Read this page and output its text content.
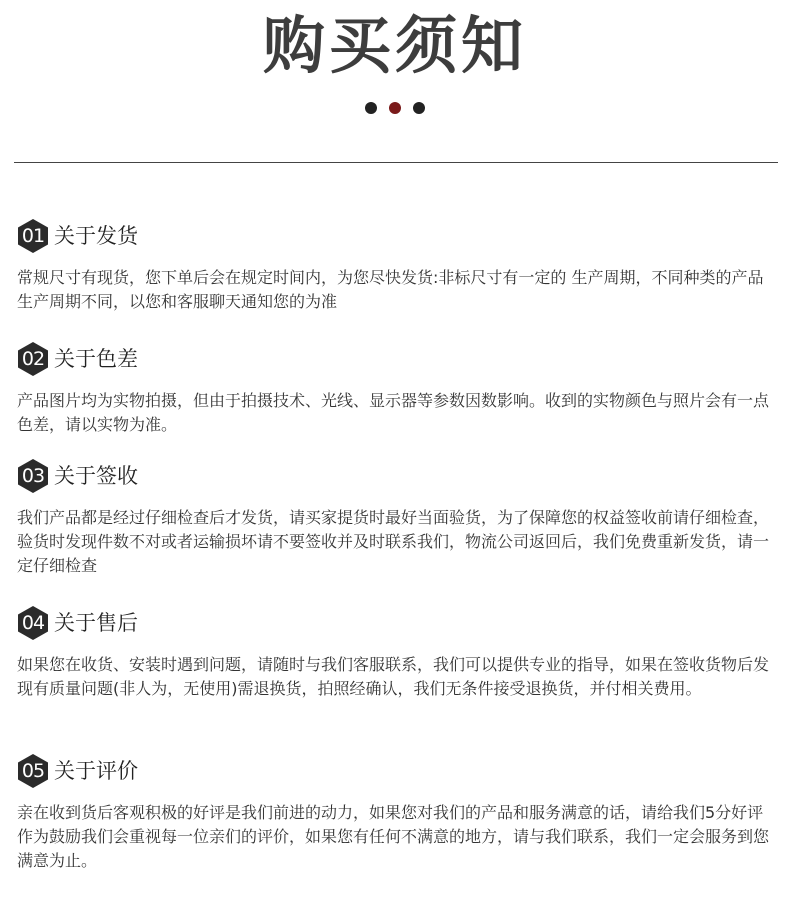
购买须知
01 关于发货
常规尺寸有现货，您下单后会在规定时间内，为您尽快发货:非标尺寸有一定的 生产周期，不同种类的产品生产周期不同，以您和客服聊天通知您的为准
02 关于色差
产品图片均为实物拍摄，但由于拍摄技术、光线、显示器等参数因数影响。收到的实物颜色与照片会有一点色差，请以实物为准。
03 关于签收
我们产品都是经过仔细检查后才发货，请买家提货时最好当面验货，为了保障您的权益签收前请仔细检查，验货时发现件数不对或者运输损坏请不要签收并及时联系我们，物流公司返回后，我们免费重新发货，请一定仔细检查
04 关于售后
如果您在收货、安装时遇到问题，请随时与我们客服联系，我们可以提供专业的指导，如果在签收货物后发现有质量问题(非人为，无使用)需退换货，拍照经确认，我们无条件接受退换货，并付相关费用。
05 关于评价
亲在收到货后客观积极的好评是我们前进的动力，如果您对我们的产品和服务满意的话，请给我们5分好评作为鼓励我们会重视每一位亲们的评价，如果您有任何不满意的地方，请与我们联系，我们一定会服务到您满意为止。
